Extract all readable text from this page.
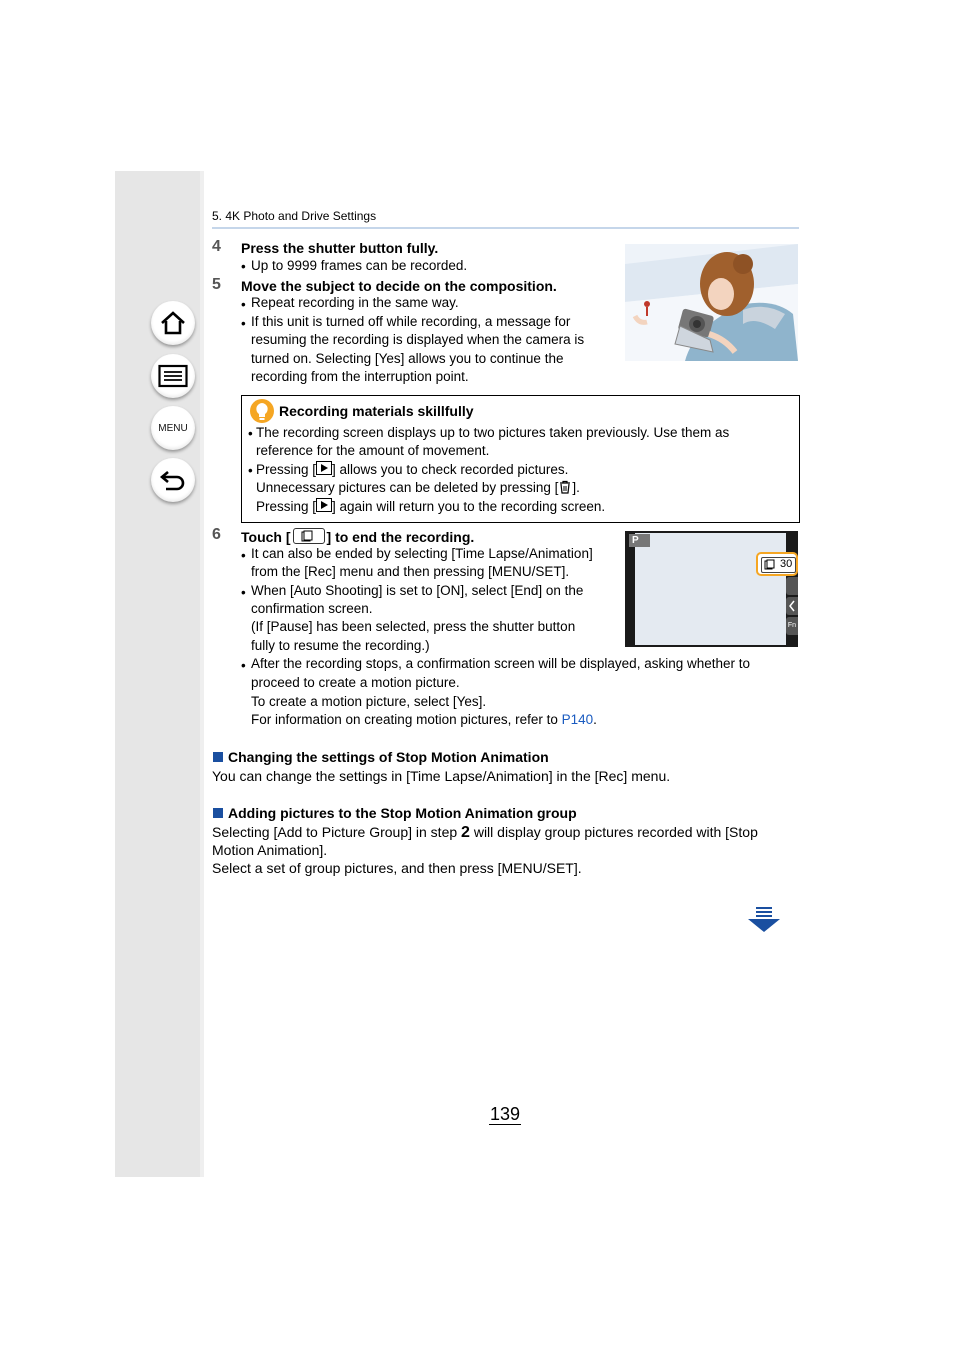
MENU
5. 4K Photo and Drive Settings
4 Press the shutter button fully.
• Up to 9999 frames can be recorded.
5 Move the subject to decide on the composition.
• Repeat recording in the same way.
• If this unit is turned off while recording, a message for
resuming the recording is displayed when the camera is
turned on. Selecting [Yes] allows you to continue the
recording from the interruption point.
Recording materials skillfully
• The recording screen displays up to two pictures taken previously. Use them as
reference for the amount of movement.
• Pressing [ ] allows you to check recorded pictures.
Unnecessary pictures can be deleted by pressing [ ].
Pressing [ ] again will return you to the recording screen.
6 Touch [	] to end the recording.
• It can also be ended by selecting [Time Lapse/Animation]
from the [Rec] menu and then pressing [MENU/SET].
• When [Auto Shooting] is set to [ON], select [End] on the
confirmation screen.
(If [Pause] has been selected, press the shutter button
fully to resume the recording.)
• After the recording stops, a confirmation screen will be displayed, asking whether to
proceed to create a motion picture.
To create a motion picture, select [Yes].
For information on creating motion pictures, refer to P140.
P
30
Fn
Changing the settings of Stop Motion Animation
You can change the settings in [Time Lapse/Animation] in the [Rec] menu.
Adding pictures to the Stop Motion Animation group
Selecting [Add to Picture Group] in step 2 will display group pictures recorded with [Stop
Motion Animation].
Select a set of group pictures, and then press [MENU/SET].
139
